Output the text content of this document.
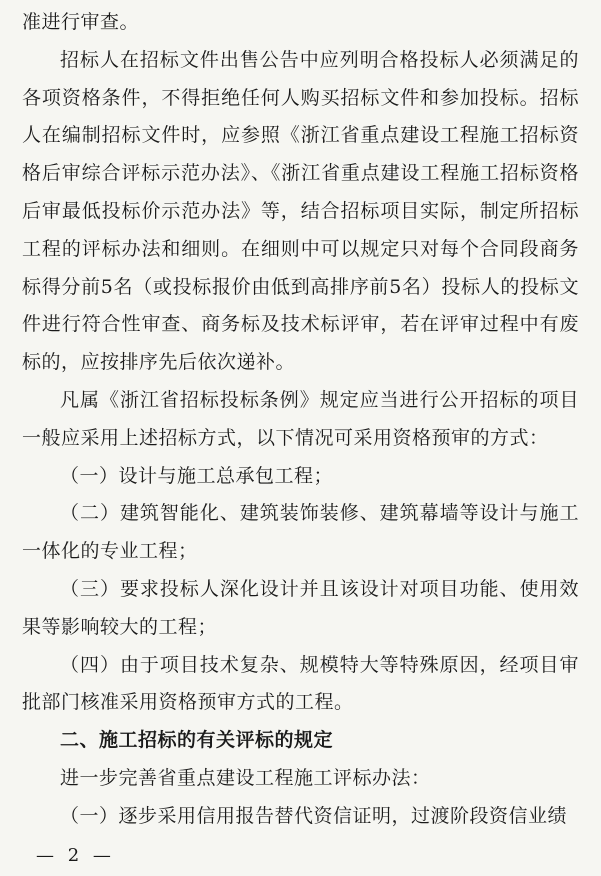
准进行审查。

招标人在招标文件出售公告中应列明合格投标人必须满足的各项资格条件，不得拒绝任何人购买招标文件和参加投标。招标人在编制招标文件时，应参照《浙江省重点建设工程施工招标资格后审综合评标示范办法》、《浙江省重点建设工程施工招标资格后审最低投标价示范办法》等，结合招标项目实际，制定所招标工程的评标办法和细则。在细则中可以规定只对每个合同段商务标得分前5名（或投标报价由低到高排序前5名）投标人的投标文件进行符合性审查、商务标及技术标评审，若在评审过程中有废标的，应按排序先后依次递补。

凡属《浙江省招标投标条例》规定应当进行公开招标的项目一般应采用上述招标方式，以下情况可采用资格预审的方式：

（一）设计与施工总承包工程；

（二）建筑智能化、建筑装饰装修、建筑幕墙等设计与施工一体化的专业工程；

（三）要求投标人深化设计并且该设计对项目功能、使用效果等影响较大的工程；

（四）由于项目技术复杂、规模特大等特殊原因，经项目审批部门核准采用资格预审方式的工程。

二、施工招标的有关评标的规定

进一步完善省重点建设工程施工评标办法：

（一）逐步采用信用报告替代资信证明，过渡阶段资信业绩

— 2 —
